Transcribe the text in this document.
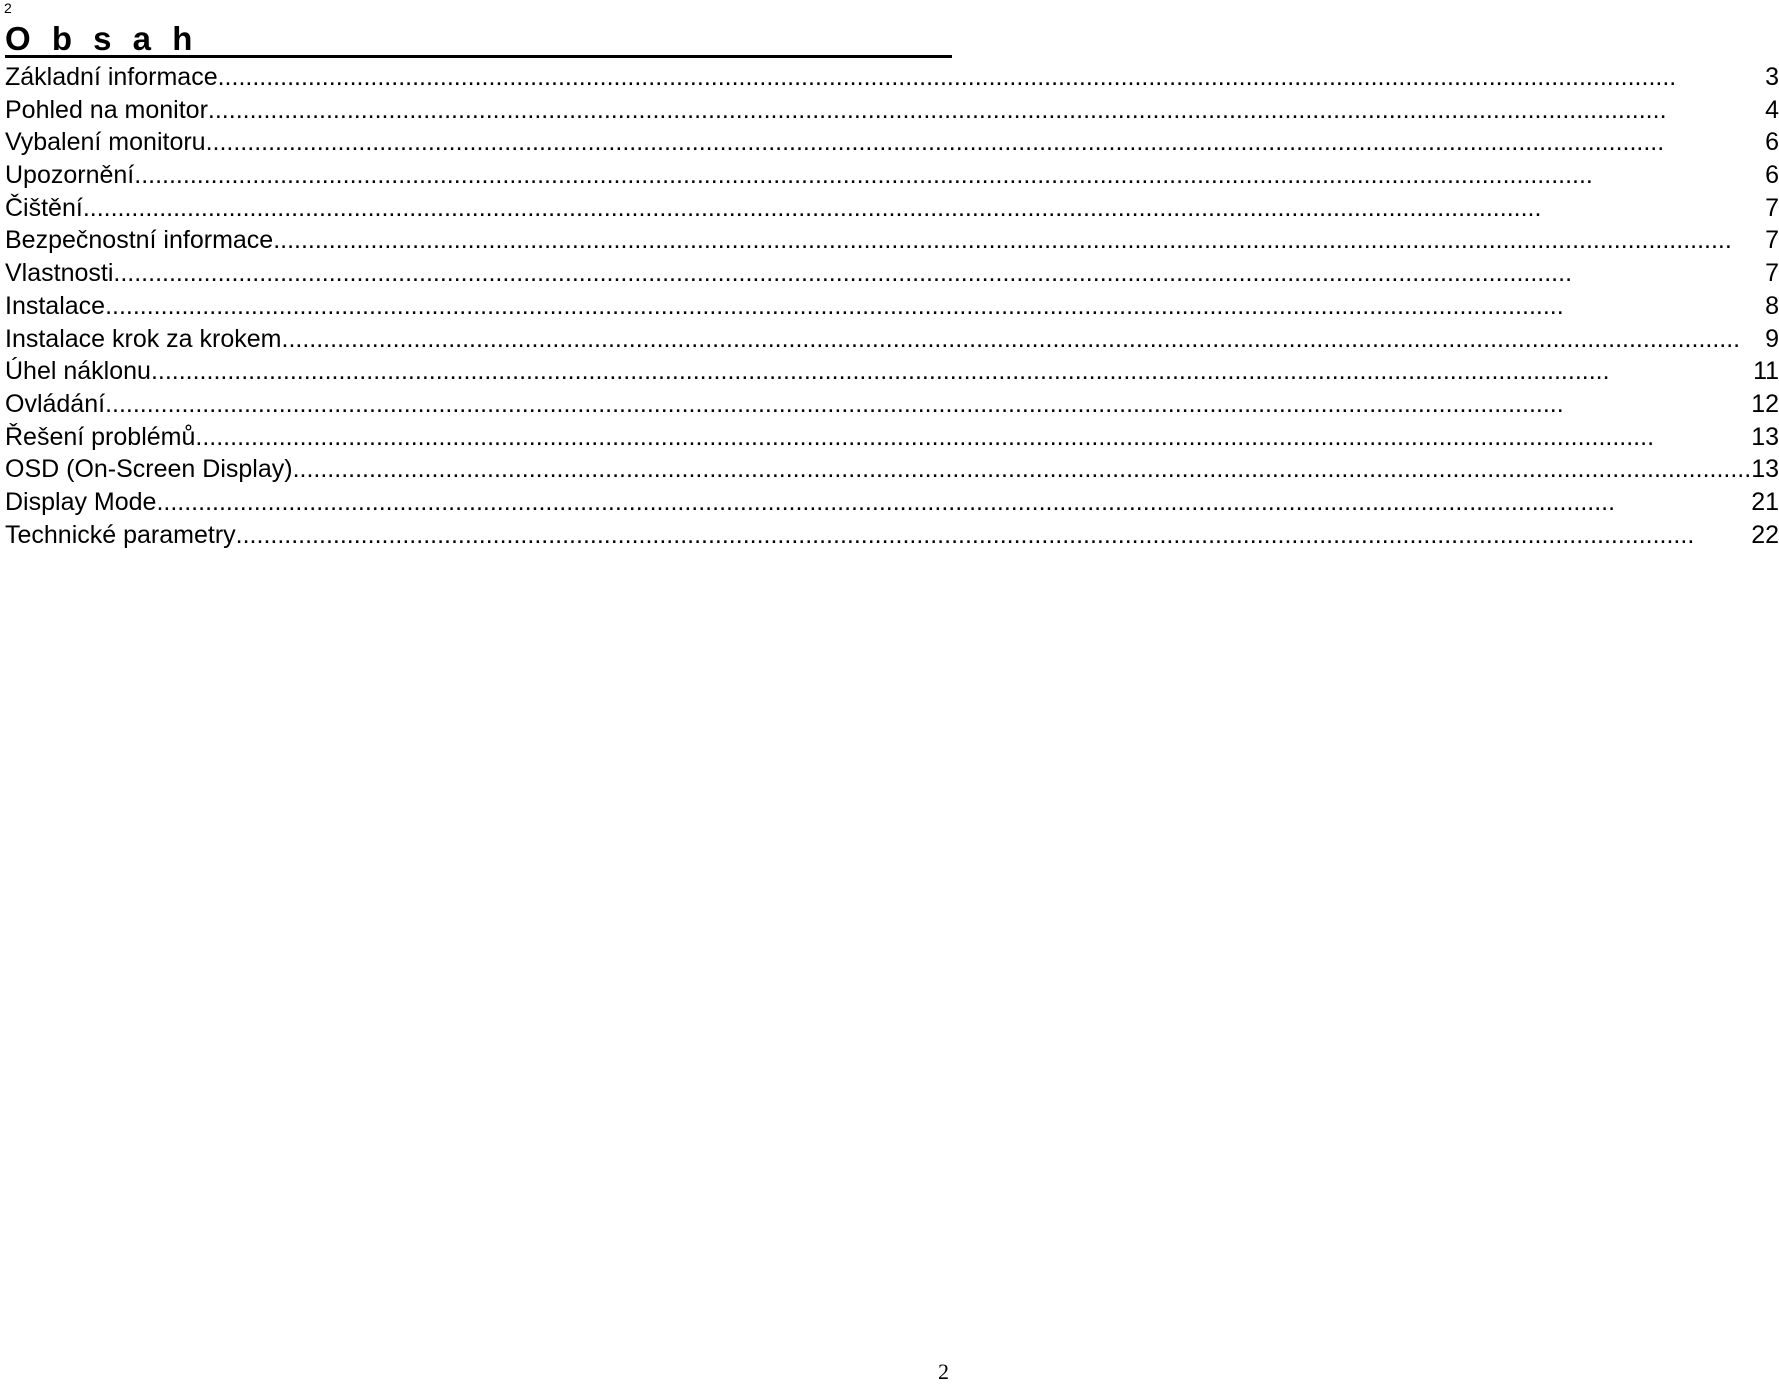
2
O b s a h
Základní informace .....	3
Pohled na monitor .....	4
Vybalení monitoru .....	6
Upozornění .....	6
Čištění .....	7
Bezpečnostní informace .....	7
Vlastnosti .....	7
Instalace .....	8
Instalace krok za krokem .....	9
Úhel náklonu .....	11
Ovládání .....	12
Řešení problémů .....	13
OSD (On-Screen Display) .....	13
Display Mode .....	21
Technické parametry .....	22
2
